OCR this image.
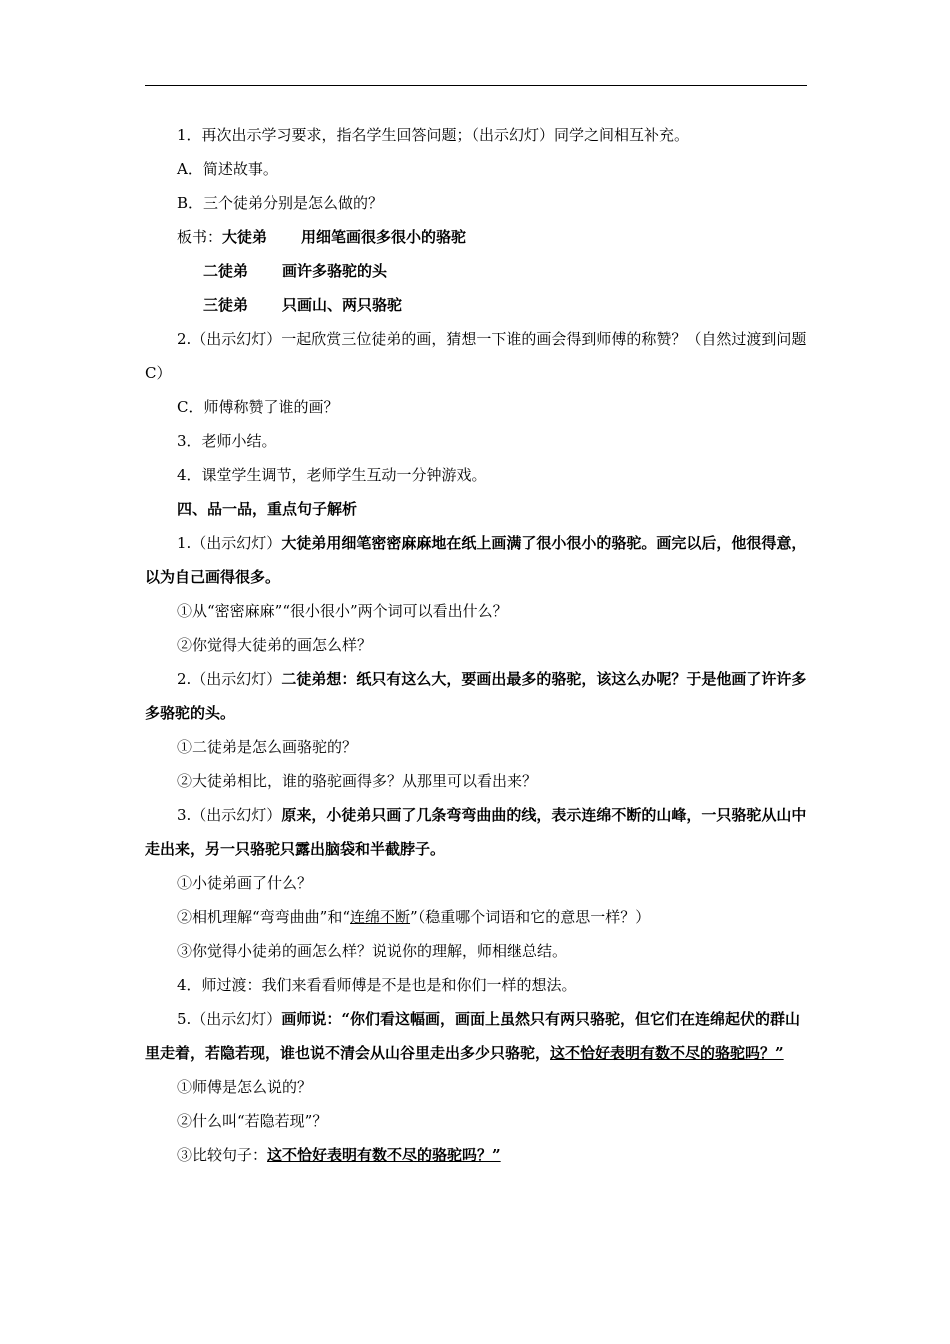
1．再次出示学习要求，指名学生回答问题；（出示幻灯）同学之间相互补充。
A．简述故事。
B．三个徒弟分别是怎么做的？
板书：大徒弟 用细笔画很多很小的骆驼
二徒弟 画许多骆驼的头
三徒弟 只画山、两只骆驼
2.（出示幻灯）一起欣赏三位徒弟的画，猜想一下谁的画会得到师傅的称赞？（自然过渡到问题C）
C．师傅称赞了谁的画？
3．老师小结。
4．课堂学生调节，老师学生互动一分钟游戏。
四、品一品，重点句子解析
1.（出示幻灯）大徒弟用细笔密密麻麻地在纸上画满了很小很小的骆驼。画完以后，他很得意，以为自己画得很多。
①从“密密麻麻”“很小很小”两个词可以看出什么？
②你觉得大徒弟的画怎么样？
2.（出示幻灯）二徒弟想：纸只有这么大，要画出最多的骆驼，该这么办呢？于是他画了许许多多骆驼的头。
①二徒弟是怎么画骆驼的？
②大徒弟相比，谁的骆驼画得多？从那里可以看出来？
3.（出示幻灯）原来，小徒弟只画了几条弯弯曲曲的线，表示连绵不断的山峰，一只骆驼从山中走出来，另一只骆驼只露出脑袋和半截脖子。
①小徒弟画了什么？
②相机理解“弯弯曲曲”和“连绵不断”（稳重哪个词语和它的意思一样？）
③你觉得小徒弟的画怎么样？说说你的理解，师相继总结。
4．师过渡：我们来看看师傅是不是也是和你们一样的想法。
5.（出示幻灯）画师说：“你们看这幅画，画面上虽然只有两只骆驼，但它们在连绵起伏的群山里走着，若隐若现，谁也说不清会从山谷里走出多少只骆驼，这不恰好表明有数不尽的骆驼吗？”
①师傅是怎么说的？
②什么叫“若隐若现”？
③比较句子：这不恰好表明有数不尽的骆驼吗？”
